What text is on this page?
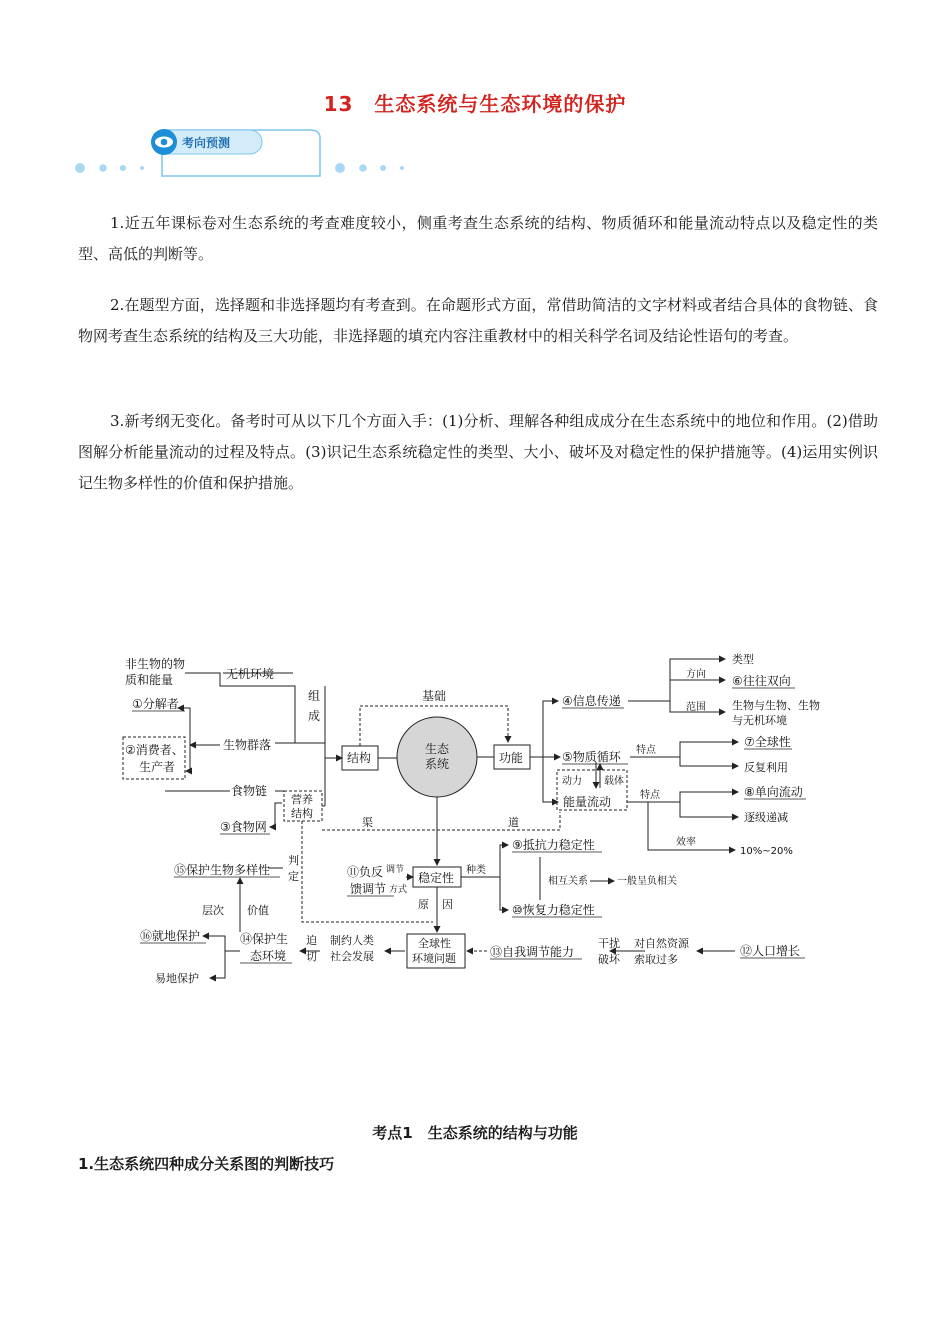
13　生态系统与生态环境的保护
考向预测
1.近五年课标卷对生态系统的考查难度较小，侧重考查生态系统的结构、物质循环和能量流动特点以及稳定性的类型、高低的判断等。
2.在题型方面，选择题和非选择题均有考查到。在命题形式方面，常借助简洁的文字材料或者结合具体的食物链、食物网考查生态系统的结构及三大功能，非选择题的填充内容注重教材中的相关科学名词及结论性语句的考查。
3.新考纲无变化。备考时可从以下几个方面入手：(1)分析、理解各种组成成分在生态系统中的地位和作用。(2)借助图解分析能量流动的过程及特点。(3)识记生态系统稳定性的类型、大小、破坏及对稳定性的保护措施等。(4)运用实例识记生物多样性的价值和保护措施。
非生物的物
质和能量	无机环境
①分解者
②消费者、
生产者
生物群落
组
成
食物链
③食物网
营养
结构
基础
结构
生态
系统	功能
渠	道
④信息传递
类型
方向 ⑥往往双向
范围 生物与生物、生物
与无机环境
⑤物质循环 特点
⑦全球性
反复利用
动力 载体
能量流动	特点	⑧单向流动
逐级递减
效率
10%~20%
⑪负反
馈调节
调节
方式
稳定性
种类
⑨抵抗力稳定性
相互关系	一般呈负相关
⑩恢复力稳定性
⑮保护生物多样性
判
定
层次 价值	原 因
⑯就地保护	⑭保护生
态环境
迫
切
制约人类
社会发展
全球性
环境问题	⑬自我调节能力
干扰
破坏
对自然资源
索取过多
⑫人口增长
易地保护
考点1　生态系统的结构与功能
1.生态系统四种成分关系图的判断技巧
